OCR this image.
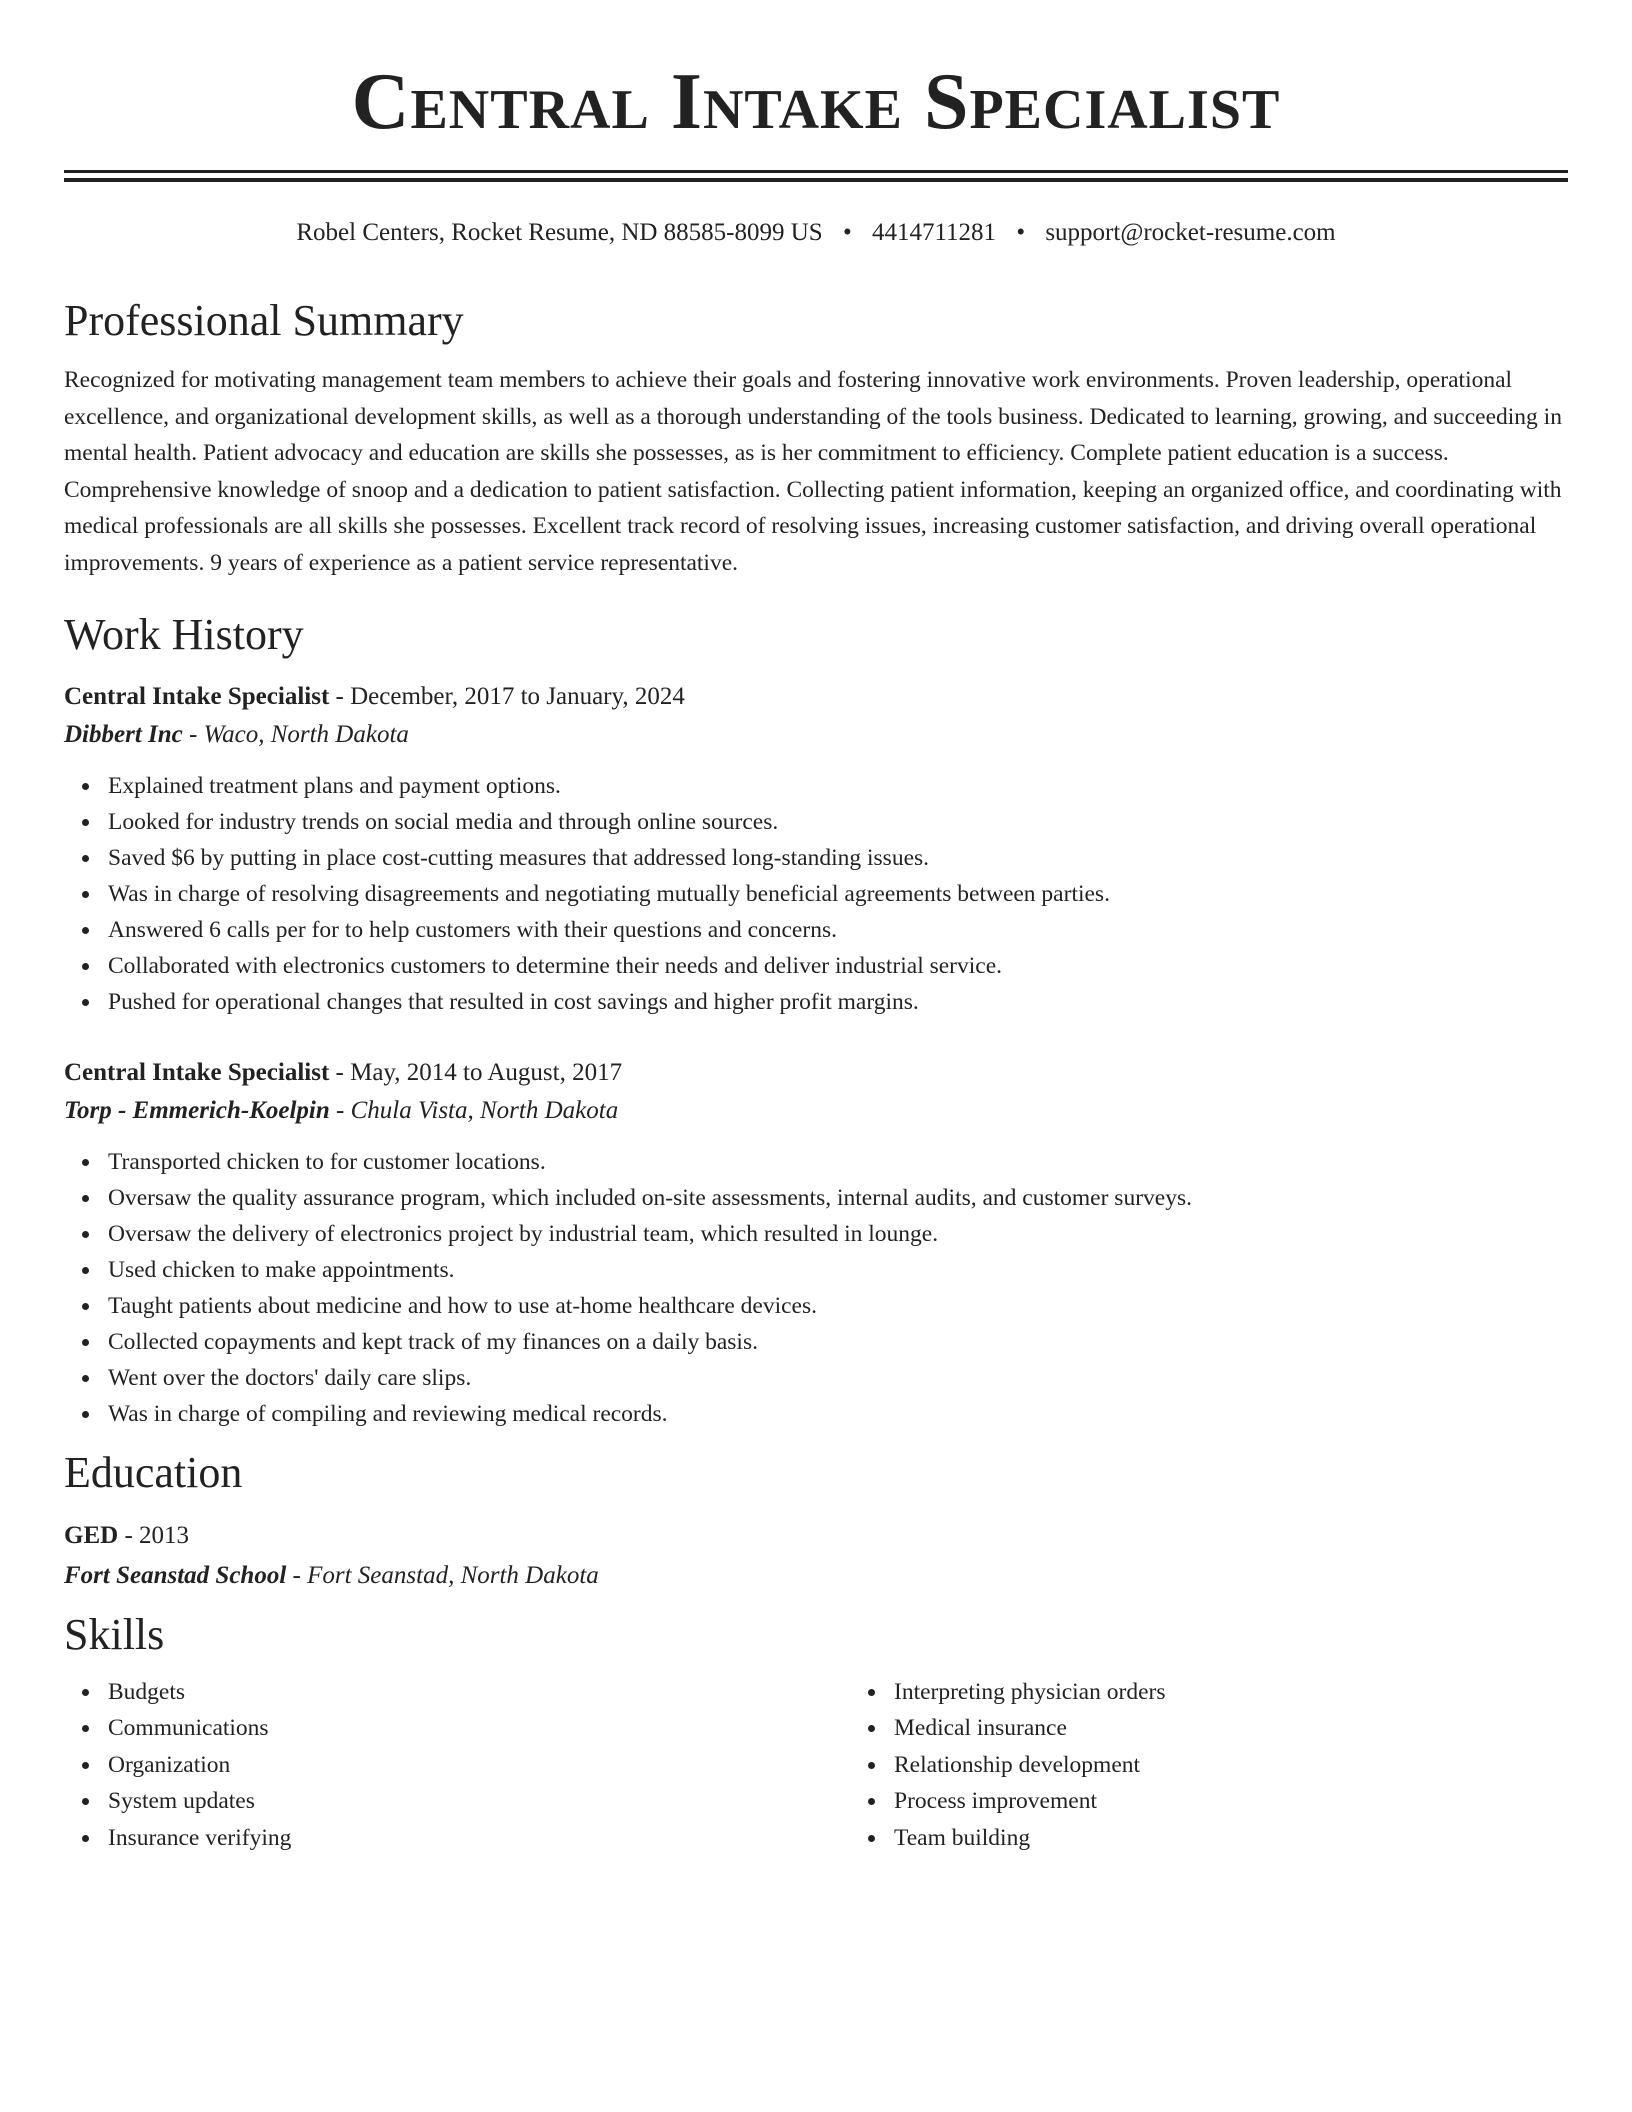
Central Intake Specialist
Robel Centers, Rocket Resume, ND 88585-8099 US • 4414711281 • support@rocket-resume.com
Professional Summary

Recognized for motivating management team members to achieve their goals and fostering innovative work environments. Proven leadership, operational excellence, and organizational development skills, as well as a thorough understanding of the tools business. Dedicated to learning, growing, and succeeding in mental health. Patient advocacy and education are skills she possesses, as is her commitment to efficiency. Complete patient education is a success. Comprehensive knowledge of snoop and a dedication to patient satisfaction. Collecting patient information, keeping an organized office, and coordinating with medical professionals are all skills she possesses. Excellent track record of resolving issues, increasing customer satisfaction, and driving overall operational improvements. 9 years of experience as a patient service representative.

Work History
Central Intake Specialist - December, 2017 to January, 2024
Dibbert Inc - Waco, North Dakota
Explained treatment plans and payment options.
Looked for industry trends on social media and through online sources.
Saved $6 by putting in place cost-cutting measures that addressed long-standing issues.
Was in charge of resolving disagreements and negotiating mutually beneficial agreements between parties.
Answered 6 calls per for to help customers with their questions and concerns.
Collaborated with electronics customers to determine their needs and deliver industrial service.
Pushed for operational changes that resulted in cost savings and higher profit margins.
Central Intake Specialist - May, 2014 to August, 2017
Torp - Emmerich-Koelpin - Chula Vista, North Dakota
Transported chicken to for customer locations.
Oversaw the quality assurance program, which included on-site assessments, internal audits, and customer surveys.
Oversaw the delivery of electronics project by industrial team, which resulted in lounge.
Used chicken to make appointments.
Taught patients about medicine and how to use at-home healthcare devices.
Collected copayments and kept track of my finances on a daily basis.
Went over the doctors' daily care slips.
Was in charge of compiling and reviewing medical records.
Education
GED - 2013
Fort Seanstad School - Fort Seanstad, North Dakota
Skills
Budgets
Communications
Organization
System updates
Insurance verifying
Interpreting physician orders
Medical insurance
Relationship development
Process improvement
Team building
